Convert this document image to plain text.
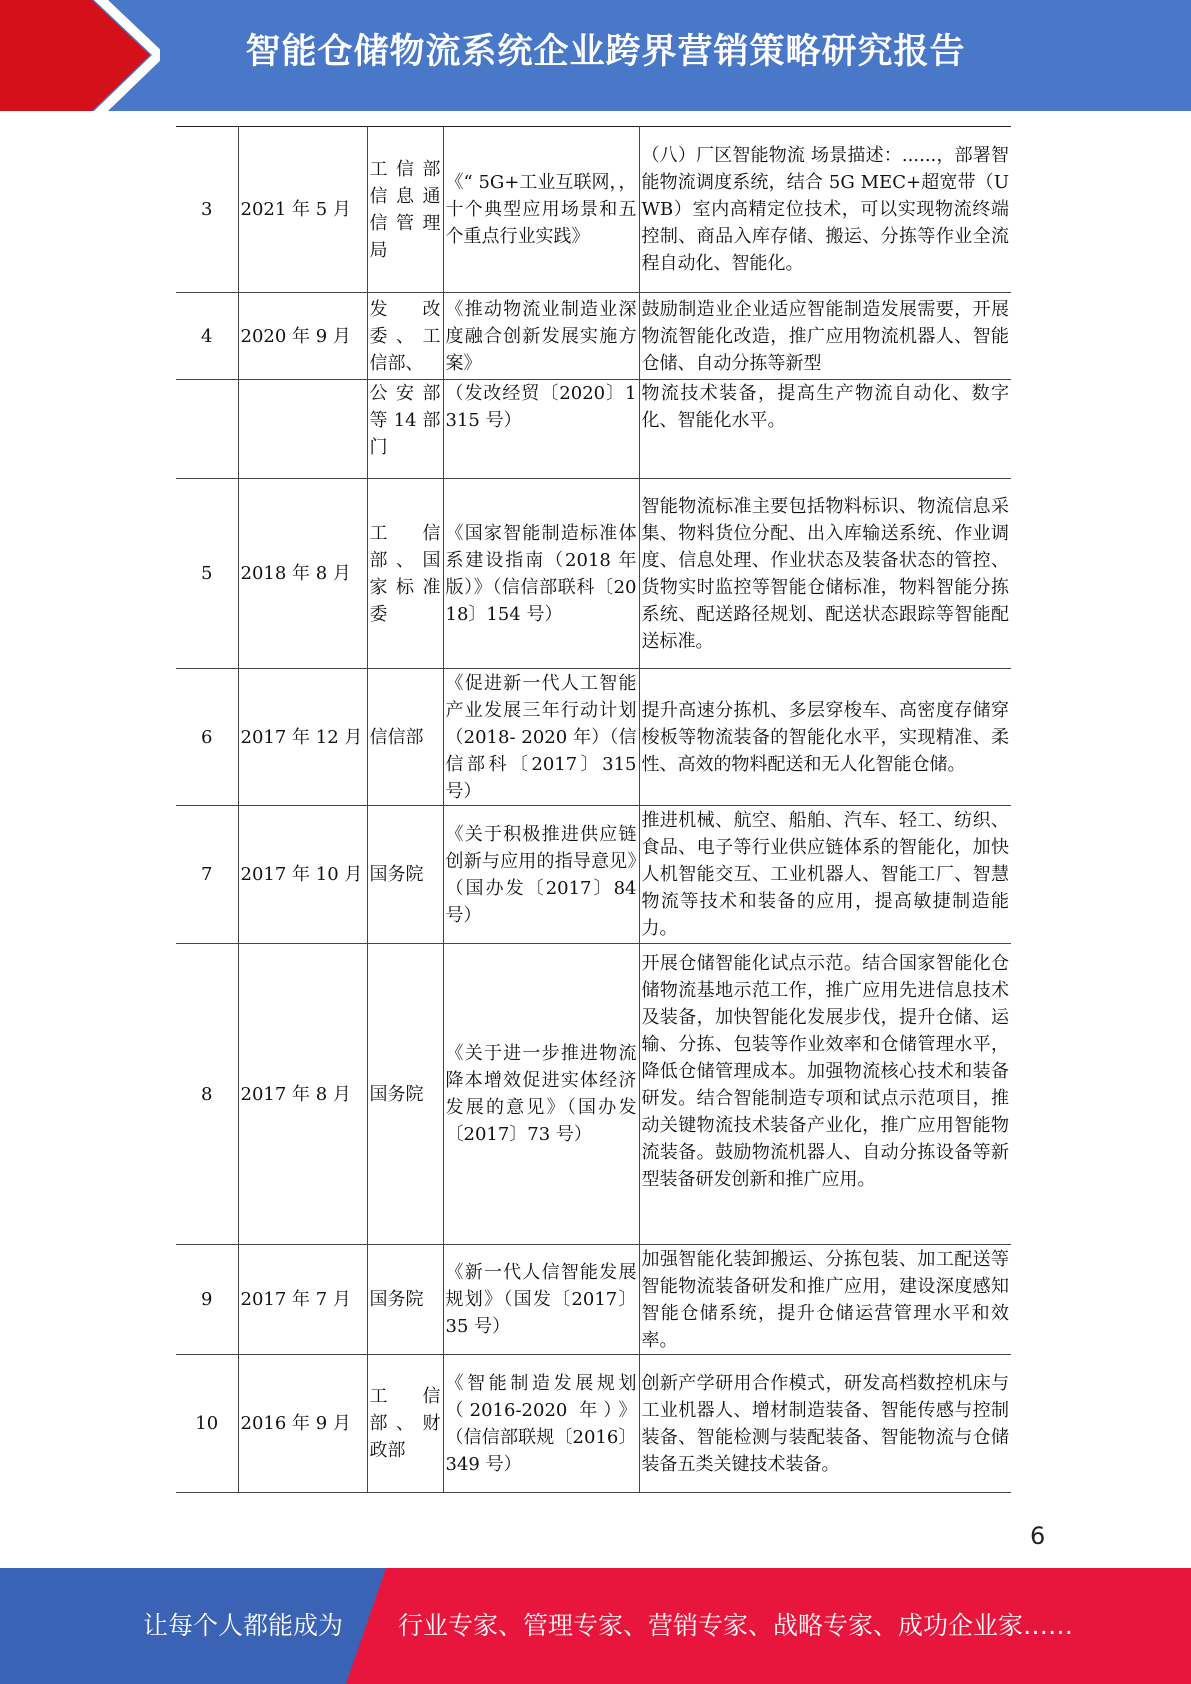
智能仓储物流系统企业跨界营销策略研究报告
3	2021 年 5 月	工信部信息通信管理局	《“ 5G+工业互联网，，十个典型应用场景和五个重点行业实践》	（八）厂区智能物流 场景描述：......，部署智能物流调度系统，结合 5G MEC+超宽带（UWB）室内高精定位技术，可以实现物流终端控制、商品入库存储、搬运、分拣等作业全流程自动化、智能化。
4	2020 年 9 月	发改委、工信部、	《推动物流业制造业深度融合创新发展实施方案》	鼓励制造业企业适应智能制造发展需要，开展物流智能化改造，推广应用物流机器人、智能仓储、自动分拣等新型
		公安部等 14 部门	（发改经贸〔2020〕1315 号）	物流技术装备，提高生产物流自动化、数字化、智能化水平。
5	2018 年 8 月	工信部、国家标准委	《国家智能制造标准体系建设指南（2018 年版）》（信信部联科〔2018〕154 号）	智能物流标准主要包括物料标识、物流信息采集、物料货位分配、出入库输送系统、作业调度、信息处理、作业状态及装备状态的管控、货物实时监控等智能仓储标准，物料智能分拣系统、配送路径规划、配送状态跟踪等智能配送标准。
6	2017 年 12 月	信信部	《促进新一代人工智能产业发展三年行动计划（2018- 2020 年）（信信部科〔2017〕315 号）	提升高速分拣机、多层穿梭车、高密度存储穿梭板等物流装备的智能化水平，实现精准、柔性、高效的物料配送和无人化智能仓储。
7	2017 年 10 月	国务院	《关于积极推进供应链创新与应用的指导意见》（国办发〔2017〕84 号）	推进机械、航空、船舶、汽车、轻工、纺织、食品、电子等行业供应链体系的智能化，加快人机智能交互、工业机器人、智能工厂、智慧物流等技术和装备的应用，提高敏捷制造能力。
8	2017 年 8 月	国务院	《关于进一步推进物流降本增效促进实体经济发展的意见》（国办发〔2017〕73 号）	开展仓储智能化试点示范。结合国家智能化仓储物流基地示范工作，推广应用先进信息技术及装备，加快智能化发展步伐，提升仓储、运输、分拣、包装等作业效率和仓储管理水平，降低仓储管理成本。加强物流核心技术和装备研发。结合智能制造专项和试点示范项目，推动关键物流技术装备产业化，推广应用智能物流装备。鼓励物流机器人、自动分拣设备等新型装备研发创新和推广应用。
9	2017 年 7 月	国务院	《新一代人信智能发展规划》（国发〔2017〕35 号）	加强智能化装卸搬运、分拣包装、加工配送等智能物流装备研发和推广应用，建设深度感知智能仓储系统，提升仓储运营管理水平和效率。
10	2016 年 9 月	工信部、财政部	《智能制造发展规划（2016-2020 年）》（信信部联规〔2016〕349 号）	创新产学研用合作模式，研发高档数控机床与工业机器人、增材制造装备、智能传感与控制装备、智能检测与装配装备、智能物流与仓储装备五类关键技术装备。
6
让每个人都能成为 行业专家、管理专家、营销专家、战略专家、成功企业家……
